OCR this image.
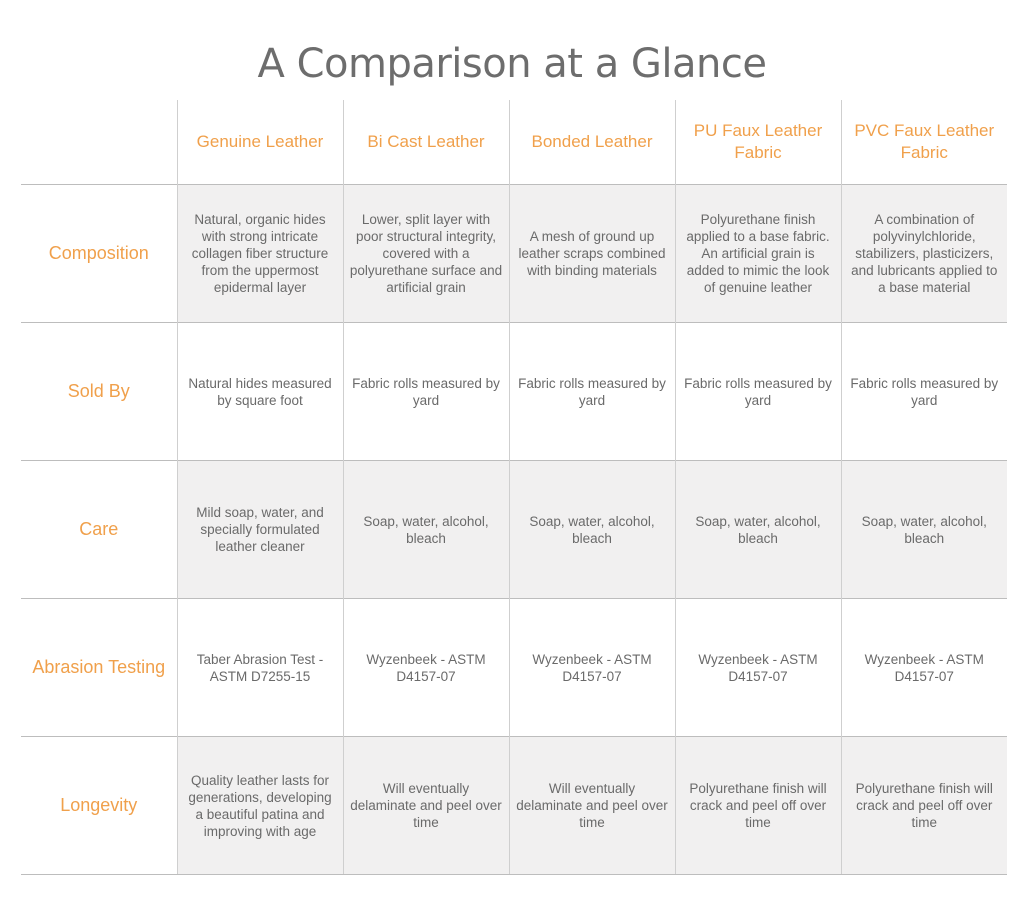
A Comparison at a Glance
	Genuine Leather	Bi Cast Leather	Bonded Leather	PU Faux Leather Fabric	PVC Faux Leather Fabric
Composition	Natural, organic hides with strong intricate collagen fiber structure from the uppermost epidermal layer	Lower, split layer with poor structural integrity, covered with a polyurethane surface and artificial grain	A mesh of ground up leather scraps combined with binding materials	Polyurethane finish applied to a base fabric. An artificial grain is added to mimic the look of genuine leather	A combination of polyvinylchloride, stabilizers, plasticizers, and lubricants applied to a base material
Sold By	Natural hides measured by square foot	Fabric rolls measured by yard	Fabric rolls measured by yard	Fabric rolls measured by yard	Fabric rolls measured by yard
Care	Mild soap, water, and specially formulated leather cleaner	Soap, water, alcohol, bleach	Soap, water, alcohol, bleach	Soap, water, alcohol, bleach	Soap, water, alcohol, bleach
Abrasion Testing	Taber Abrasion Test - ASTM D7255-15	Wyzenbeek - ASTM D4157-07	Wyzenbeek - ASTM D4157-07	Wyzenbeek - ASTM D4157-07	Wyzenbeek - ASTM D4157-07
Longevity	Quality leather lasts for generations, developing a beautiful patina and improving with age	Will eventually delaminate and peel over time	Will eventually delaminate and peel over time	Polyurethane finish will crack and peel off over time	Polyurethane finish will crack and peel off over time
